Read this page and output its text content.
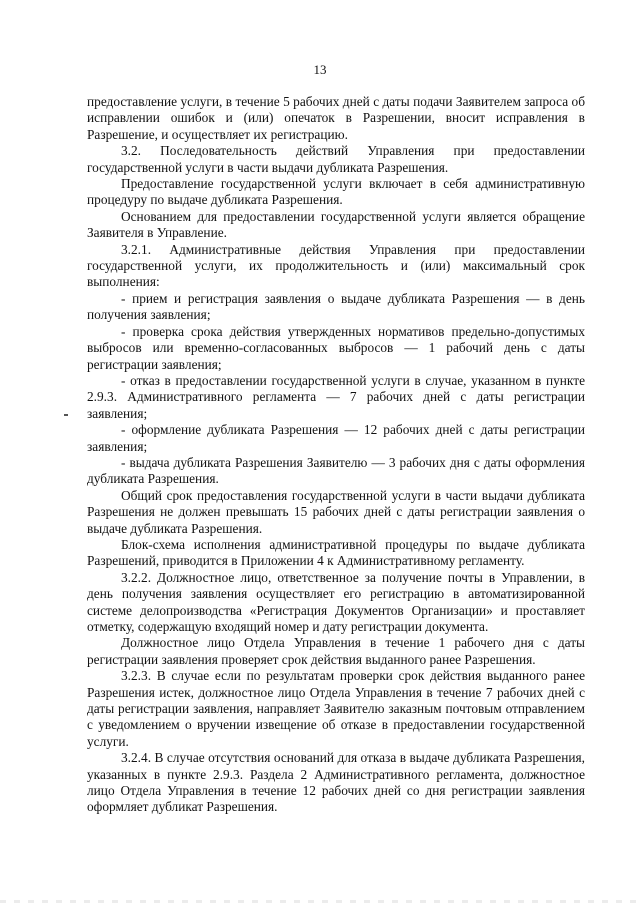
13

предоставление услуги, в течение 5 рабочих дней с даты подачи Заявителем запроса об исправлении ошибок и (или) опечаток в Разрешении, вносит исправления в Разрешение, и осуществляет их регистрацию.

3.2. Последовательность действий Управления при предоставлении государственной услуги в части выдачи дубликата Разрешения.

Предоставление государственной услуги включает в себя административную процедуру по выдаче дубликата Разрешения.

Основанием для предоставлении государственной услуги является обращение Заявителя в Управление.

3.2.1. Административные действия Управления при предоставлении государственной услуги, их продолжительность и (или) максимальный срок выполнения:

- прием и регистрация заявления о выдаче дубликата Разрешения — в день получения заявления;

- проверка срока действия утвержденных нормативов предельно-допустимых выбросов или временно-согласованных выбросов — 1 рабочий день с даты регистрации заявления;

- отказ в предоставлении государственной услуги в случае, указанном в пункте 2.9.3. Административного регламента — 7 рабочих дней с даты регистрации заявления;

- оформление дубликата Разрешения — 12 рабочих дней с даты регистрации заявления;

- выдача дубликата Разрешения Заявителю — 3 рабочих дня с даты оформления дубликата Разрешения.

Общий срок предоставления государственной услуги в части выдачи дубликата Разрешения не должен превышать 15 рабочих дней с даты регистрации заявления о выдаче дубликата Разрешения.

Блок-схема исполнения административной процедуры по выдаче дубликата Разрешений, приводится в Приложении 4 к Административному регламенту.

3.2.2. Должностное лицо, ответственное за получение почты в Управлении, в день получения заявления осуществляет его регистрацию в автоматизированной системе делопроизводства «Регистрация Документов Организации» и проставляет отметку, содержащую входящий номер и дату регистрации документа.

Должностное лицо Отдела Управления в течение 1 рабочего дня с даты регистрации заявления проверяет срок действия выданного ранее Разрешения.

3.2.3. В случае если по результатам проверки срок действия выданного ранее Разрешения истек, должностное лицо Отдела Управления в течение 7 рабочих дней с даты регистрации заявления, направляет Заявителю заказным почтовым отправлением с уведомлением о вручении извещение об отказе в предоставлении государственной услуги.

3.2.4. В случае отсутствия оснований для отказа в выдаче дубликата Разрешения, указанных в пункте 2.9.3. Раздела 2 Административного регламента, должностное лицо Отдела Управления в течение 12 рабочих дней со дня регистрации заявления оформляет дубликат Разрешения.
